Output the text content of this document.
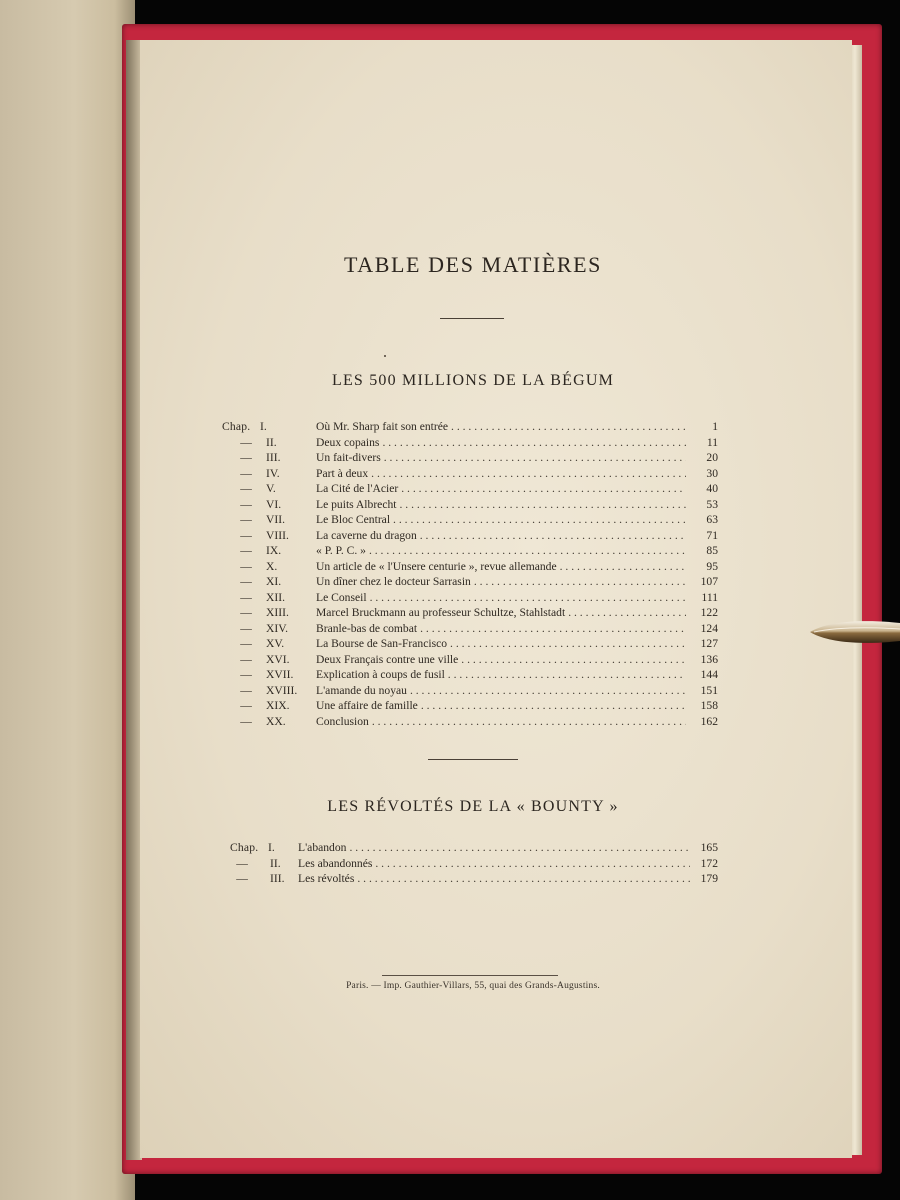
TABLE DES MATIÈRES
LES 500 MILLIONS DE LA BÉGUM
Chap. I.	Où Mr. Sharp fait son entrée . . .	1
—	II.	Deux copains . . .	11
—	III.	Un fait-divers . . .	20
—	IV.	Part à deux . . .	30
—	V.	La Cité de l'Acier . . .	40
—	VI.	Le puits Albrecht . . .	53
—	VII.	Le Bloc Central . . .	63
—	VIII. La caverne du dragon . . .	71
—	IX.	« P. P. C. » . . .	85
—	X.	Un article de « l'Unsere centurie », revue allemande . . .	95
—	XI.	Un dîner chez le docteur Sarrasin . . .	107
—	XII.	Le Conseil . . .	111
—	XIII. Marcel Bruckmann au professeur Schultze, Stahlstadt . . .	122
—	XIV. Branle-bas de combat . . .	124
—	XV.	La Bourse de San-Francisco . . .	127
—	XVI. Deux Français contre une ville . . .	136
—	XVII. Explication à coups de fusil . . .	144
—	XVIII. L'amande du noyau . . .	151
—	XIX. Une affaire de famille . . .	158
—	XX.	Conclusion . . .	162
LES RÉVOLTÉS DE LA « BOUNTY »
Chap. I. L'abandon . . .	165
—	II. Les abandonnés . . .	172
—	III. Les révoltés . . .	179
Paris. — Imp. Gauthier-Villars, 55, quai des Grands-Augustins.
